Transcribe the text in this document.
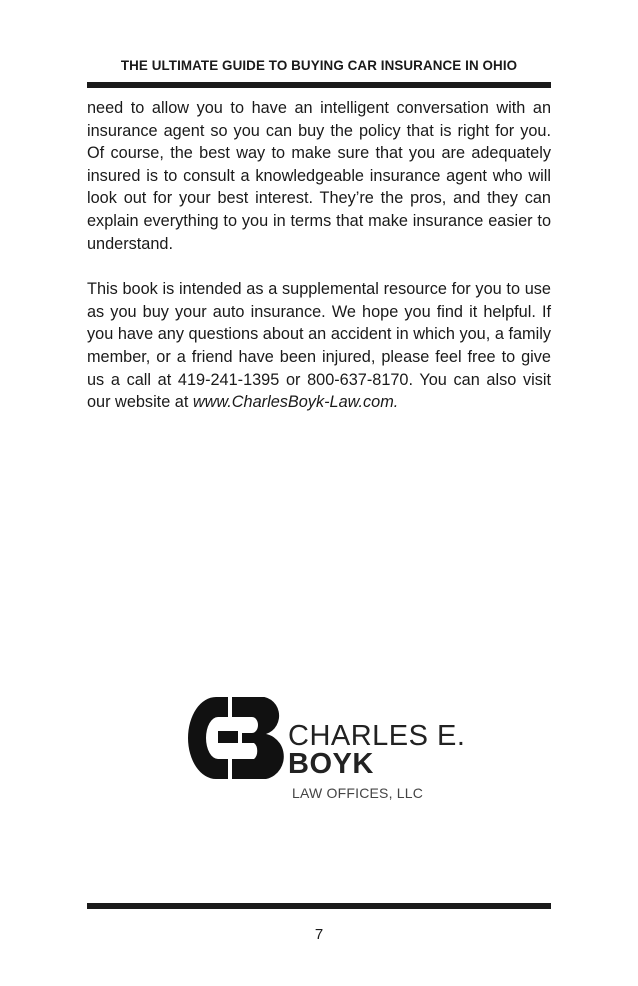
THE ULTIMATE GUIDE TO BUYING CAR INSURANCE IN OHIO

need to allow you to have an intelligent conversation with an insurance agent so you can buy the policy that is right for you. Of course, the best way to make sure that you are adequately insured is to consult a knowledgeable insurance agent who will look out for your best interest. They’re the pros, and they can explain everything to you in terms that make insurance easier to understand.

This book is intended as a supplemental resource for you to use as you buy your auto insurance. We hope you find it helpful. If you have any questions about an accident in which you, a family member, or a friend have been injured, please feel free to give us a call at 419-241-1395 or 800-637-8170. You can also visit our website at www.CharlesBoyk-Law.com.

CHARLES E.
BOYK
LAW OFFICES, LLC
7
